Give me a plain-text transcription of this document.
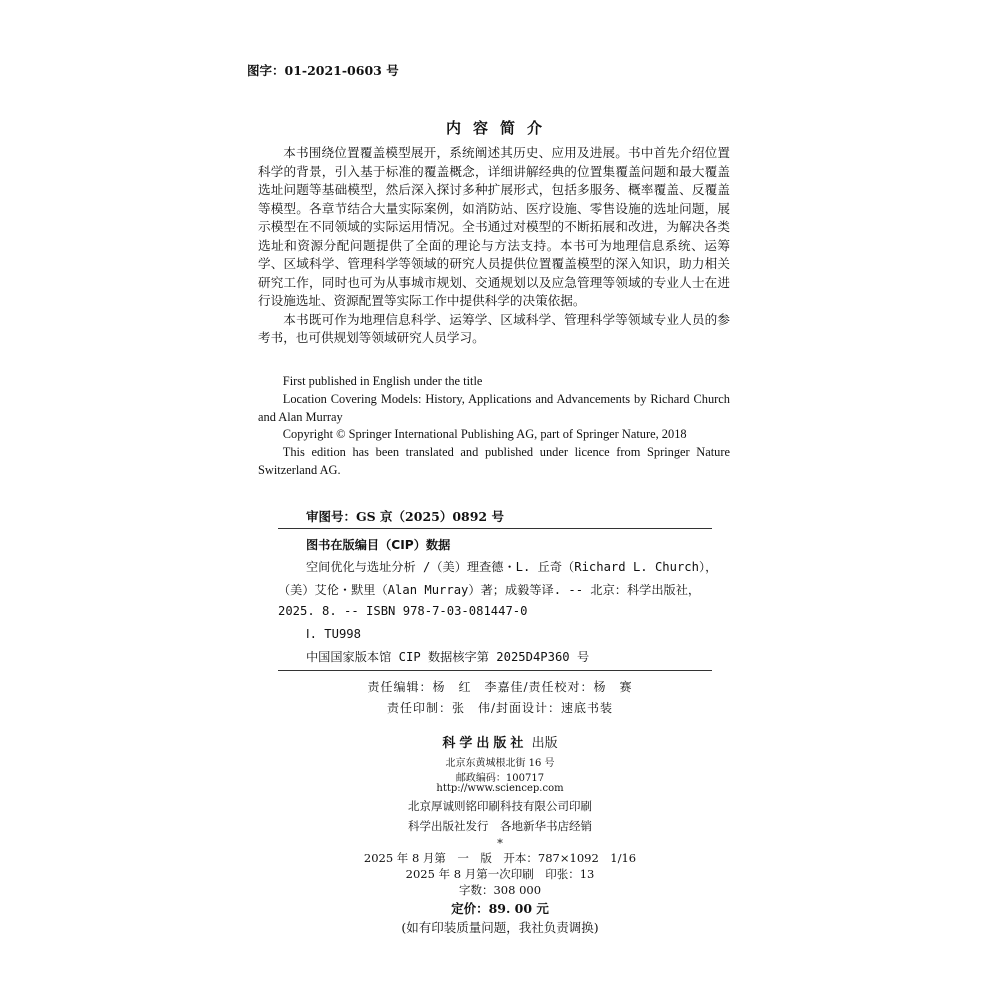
图字：01-2021-0603 号
内容简介

本书围绕位置覆盖模型展开，系统阐述其历史、应用及进展。书中首先介绍位置科学的背景，引入基于标准的覆盖概念，详细讲解经典的位置集覆盖问题和最大覆盖选址问题等基础模型，然后深入探讨多种扩展形式，包括多服务、概率覆盖、反覆盖等模型。各章节结合大量实际案例，如消防站、医疗设施、零售设施的选址问题，展示模型在不同领域的实际运用情况。全书通过对模型的不断拓展和改进，为解决各类选址和资源分配问题提供了全面的理论与方法支持。本书可为地理信息系统、运筹学、区域科学、管理科学等领域的研究人员提供位置覆盖模型的深入知识，助力相关研究工作，同时也可为从事城市规划、交通规划以及应急管理等领域的专业人士在进行设施选址、资源配置等实际工作中提供科学的决策依据。

本书既可作为地理信息科学、运筹学、区域科学、管理科学等领域专业人员的参考书，也可供规划等领域研究人员学习。

First published in English under the title

Location Covering Models: History, Applications and Advancements by Richard Church and Alan Murray

Copyright © Springer International Publishing AG, part of Springer Nature, 2018

This edition has been translated and published under licence from Springer Nature Switzerland AG.

审图号：GS 京（2025）0892 号
图书在版编目（CIP）数据
空间优化与选址分析 /（美）理查德・L. 丘奇（Richard L. Church），
（美）艾伦・默里（Alan Murray）著；成毅等译. -- 北京：科学出版社，
2025. 8. -- ISBN 978-7-03-081447-0
Ⅰ. TU998
中国国家版本馆 CIP 数据核字第 2025D4P360 号
责任编辑：杨　红　李嘉佳/责任校对：杨　赛
责任印制：张　伟/封面设计：速底书装
科学出版社 出版
北京东黄城根北街 16 号
邮政编码：100717
http://www.sciencep.com
北京厚诚则铭印刷科技有限公司印刷
科学出版社发行　各地新华书店经销
*
2025 年 8 月第　一　版　开本：787×1092　1/16
2025 年 8 月第一次印刷　印张：13
字数：308 000
定价：89. 00 元
(如有印装质量问题，我社负责调换)
